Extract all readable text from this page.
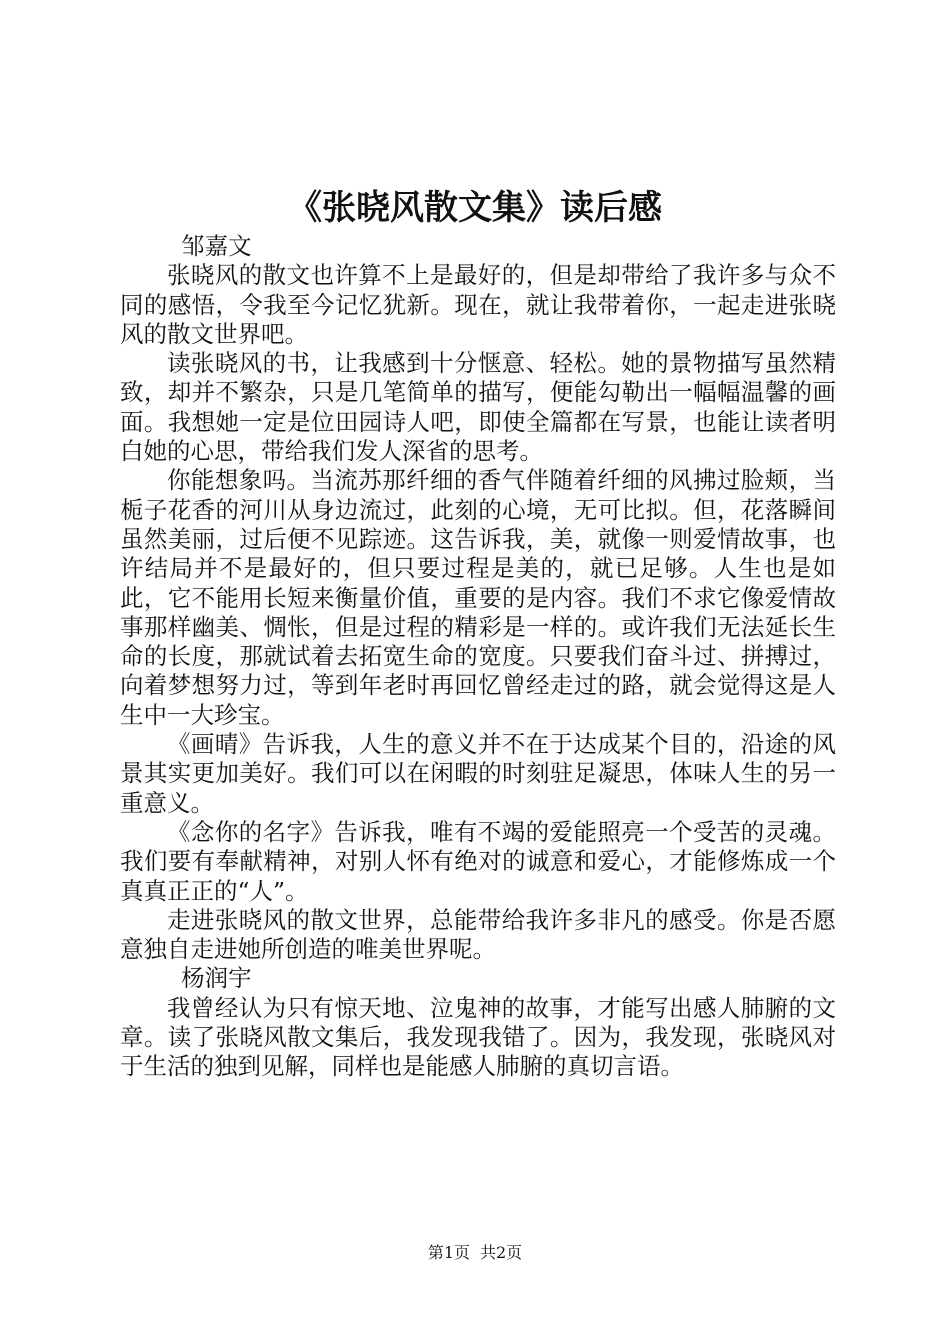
《张晓风散文集》读后感

邹嘉文

张晓风的散文也许算不上是最好的，但是却带给了我许多与众不同的感悟，令我至今记忆犹新。现在，就让我带着你，一起走进张晓风的散文世界吧。

读张晓风的书，让我感到十分惬意、轻松。她的景物描写虽然精致，却并不繁杂，只是几笔简单的描写，便能勾勒出一幅幅温馨的画面。我想她一定是位田园诗人吧，即使全篇都在写景，也能让读者明白她的心思，带给我们发人深省的思考。

你能想象吗。当流苏那纤细的香气伴随着纤细的风拂过脸颊，当栀子花香的河川从身边流过，此刻的心境，无可比拟。但，花落瞬间虽然美丽，过后便不见踪迹。这告诉我，美，就像一则爱情故事，也许结局并不是最好的，但只要过程是美的，就已足够。人生也是如此，它不能用长短来衡量价值，重要的是内容。我们不求它像爱情故事那样幽美、惆怅，但是过程的精彩是一样的。或许我们无法延长生命的长度，那就试着去拓宽生命的宽度。只要我们奋斗过、拼搏过，向着梦想努力过，等到年老时再回忆曾经走过的路，就会觉得这是人生中一大珍宝。

《画晴》告诉我，人生的意义并不在于达成某个目的，沿途的风景其实更加美好。我们可以在闲暇的时刻驻足凝思，体味人生的另一重意义。

《念你的名字》告诉我，唯有不竭的爱能照亮一个受苦的灵魂。我们要有奉献精神，对别人怀有绝对的诚意和爱心，才能修炼成一个真真正正的“人”。

走进张晓风的散文世界，总能带给我许多非凡的感受。你是否愿意独自走进她所创造的唯美世界呢。

杨润宇

我曾经认为只有惊天地、泣鬼神的故事，才能写出感人肺腑的文章。读了张晓风散文集后，我发现我错了。因为，我发现，张晓风对于生活的独到见解，同样也是能感人肺腑的真切言语。

第1页 共2页
